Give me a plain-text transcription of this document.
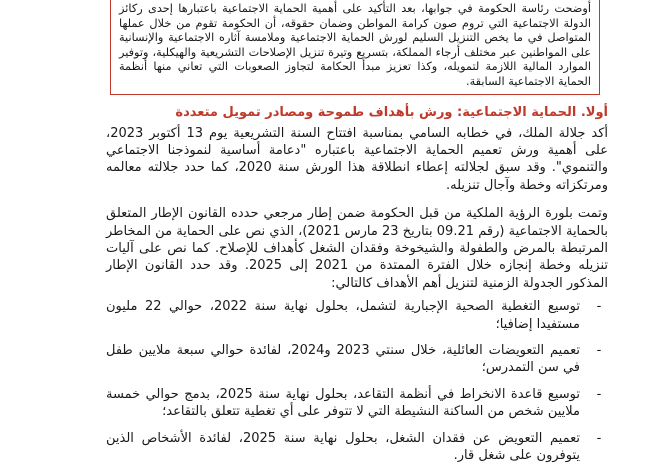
أوضحت رئاسة الحكومة في جوابها، بعد التأكيد على أهمية الحماية الاجتماعية باعتبارها إحدى ركائز الدولة الاجتماعية التي تروم صون كرامة المواطن وضمان حقوقه، أن الحكومة تقوم من خلال عملها المتواصل في ما يخص التنزيل السليم لورش الحماية الاجتماعية وملامسة آثاره الاجتماعية والإنسانية على المواطنين عبر مختلف أرجاء المملكة، بتسريع وتيرة تنزيل الإصلاحات التشريعية والهيكلية، وتوفير الموارد المالية اللازمة لتمويله، وكذا تعزيز مبدأ الحكامة لتجاوز الصعوبات التي تعاني منها أنظمة الحماية الاجتماعية السابقة.

أولا. الحماية الاجتماعية: ورش بأهداف طموحة ومصادر تمويل متعددة

أكد جلالة الملك، في خطابه السامي بمناسبة افتتاح السنة التشريعية يوم 13 أكتوبر 2023، على أهمية ورش تعميم الحماية الاجتماعية باعتباره "دعامة أساسية لنموذجنا الاجتماعي والتنموي". وقد سبق لجلالته إعطاء انطلاقة هذا الورش سنة 2020، كما حدد جلالته معالمه ومرتكزاته وخطة وآجال تنزيله.

وتمت بلورة الرؤية الملكية من قبل الحكومة ضمن إطار مرجعي حدده القانون الإطار المتعلق بالحماية الاجتماعية (رقم 09.21 بتاريخ 23 مارس 2021)، الذي نص على الحماية من المخاطر المرتبطة بالمرض والطفولة والشيخوخة وفقدان الشغل كأهداف للإصلاح. كما نص على آليات تنزيله وخطة إنجازه خلال الفترة الممتدة من 2021 إلى 2025. وقد حدد القانون الإطار المذكور الجدولة الزمنية لتنزيل أهم الأهداف كالتالي:

-
توسيع التغطية الصحية الإجبارية لتشمل، بحلول نهاية سنة 2022، حوالي 22 مليون مستفيدا إضافيا؛
-
تعميم التعويضات العائلية، خلال سنتي 2023 و2024، لفائدة حوالي سبعة ملايين طفل في سن التمدرس؛
-
توسيع قاعدة الانخراط في أنظمة التقاعد، بحلول نهاية سنة 2025، بدمج حوالي خمسة ملايين شخص من الساكنة النشيطة التي لا تتوفر على أي تغطية تتعلق بالتقاعد؛
-
تعميم التعويض عن فقدان الشغل، بحلول نهاية سنة 2025، لفائدة الأشخاص الذين يتوفرون على شغل قار.
